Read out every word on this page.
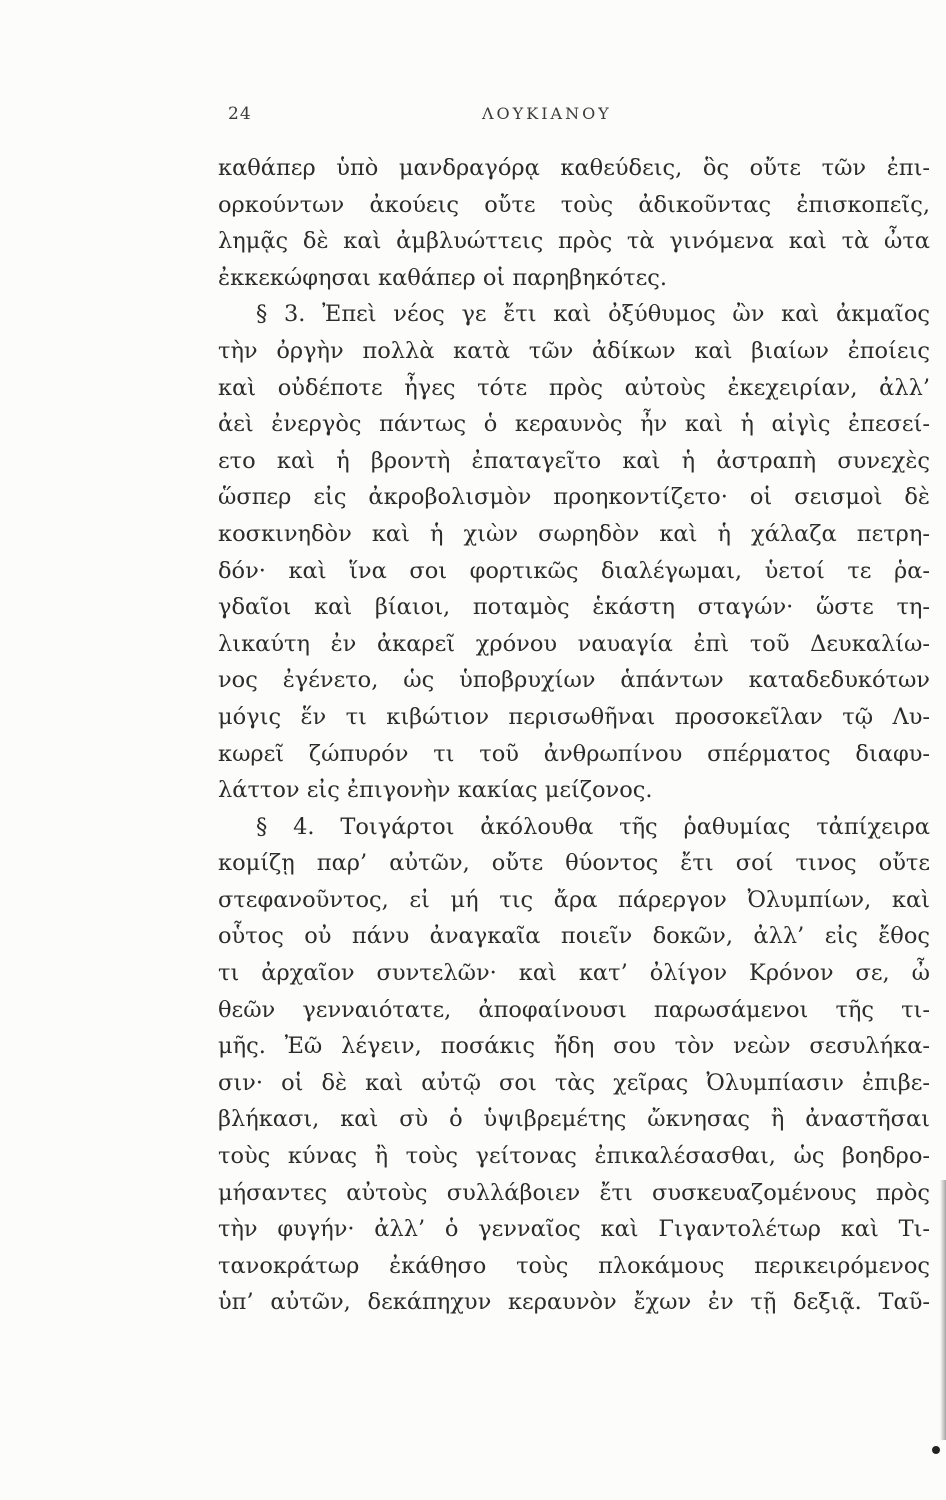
24	ΛΟΥΚΙΑΝΟΥ
καθάπερ ὑπὸ μανδραγόρᾳ καθεύδεις, ὃς οὔτε τῶν ἐπι-
ορκούντων ἀκούεις οὔτε τοὺς ἀδικοῦντας ἐπισκοπεῖς,
λημᾷς δὲ καὶ ἀμβλυώττεις πρὸς τὰ γινόμενα καὶ τὰ ὦτα
ἐκκεκώφησαι καθάπερ οἱ παρηβηκότες.
§ 3. Ἐπεὶ νέος γε ἔτι καὶ ὀξύθυμος ὢν καὶ ἀκμαῖος
τὴν ὀργὴν πολλὰ κατὰ τῶν ἀδίκων καὶ βιαίων ἐποίεις
καὶ οὐδέποτε ἦγες τότε πρὸς αὐτοὺς ἐκεχειρίαν, ἀλλ’
ἀεὶ ἐνεργὸς πάντως ὁ κεραυνὸς ἦν καὶ ἡ αἰγὶς ἐπεσεί-
ετο καὶ ἡ βροντὴ ἐπαταγεῖτο καὶ ἡ ἀστραπὴ συνεχὲς
ὥσπερ εἰς ἀκροβολισμὸν προηκοντίζετο· οἱ σεισμοὶ δὲ
κοσκινηδὸν καὶ ἡ χιὼν σωρηδὸν καὶ ἡ χάλαζα πετρη-
δόν· καὶ ἵνα σοι φορτικῶς διαλέγωμαι, ὑετοί τε ῥα-
γδαῖοι καὶ βίαιοι, ποταμὸς ἑκάστη σταγών· ὥστε τη-
λικαύτη ἐν ἀκαρεῖ χρόνου ναυαγία ἐπὶ τοῦ Δευκαλίω-
νος ἐγένετο, ὡς ὑποβρυχίων ἁπάντων καταδεδυκότων
μόγις ἕν τι κιβώτιον περισωθῆναι προσοκεῖλαν τῷ Λυ-
κωρεῖ ζώπυρόν τι τοῦ ἀνθρωπίνου σπέρματος διαφυ-
λάττον εἰς ἐπιγονὴν κακίας μείζονος.
§ 4. Τοιγάρτοι ἀκόλουθα τῆς ῥαθυμίας τἀπίχειρα
κομίζῃ παρ’ αὐτῶν, οὔτε θύοντος ἔτι σοί τινος οὔτε
στεφανοῦντος, εἰ μή τις ἄρα πάρεργον Ὀλυμπίων, καὶ
οὗτος οὐ πάνυ ἀναγκαῖα ποιεῖν δοκῶν, ἀλλ’ εἰς ἔθος
τι ἀρχαῖον συντελῶν· καὶ κατ’ ὀλίγον Κρόνον σε, ὦ
θεῶν γενναιότατε, ἀποφαίνουσι παρωσάμενοι τῆς τι-
μῆς. Ἐῶ λέγειν, ποσάκις ἤδη σου τὸν νεὼν σεσυλήκα-
σιν· οἱ δὲ καὶ αὐτῷ σοι τὰς χεῖρας Ὀλυμπίασιν ἐπιβε-
βλήκασι, καὶ σὺ ὁ ὑψιβρεμέτης ὤκνησας ἢ ἀναστῆσαι
τοὺς κύνας ἢ τοὺς γείτονας ἐπικαλέσασθαι, ὡς βοηδρο-
μήσαντες αὐτοὺς συλλάβοιεν ἔτι συσκευαζομένους πρὸς
τὴν φυγήν· ἀλλ’ ὁ γενναῖος καὶ Γιγαντολέτωρ καὶ Τι-
τανοκράτωρ ἐκάθησο τοὺς πλοκάμους περικειρόμενος
ὑπ’ αὐτῶν, δεκάπηχυν κεραυνὸν ἔχων ἐν τῇ δεξιᾷ. Ταῦ-
